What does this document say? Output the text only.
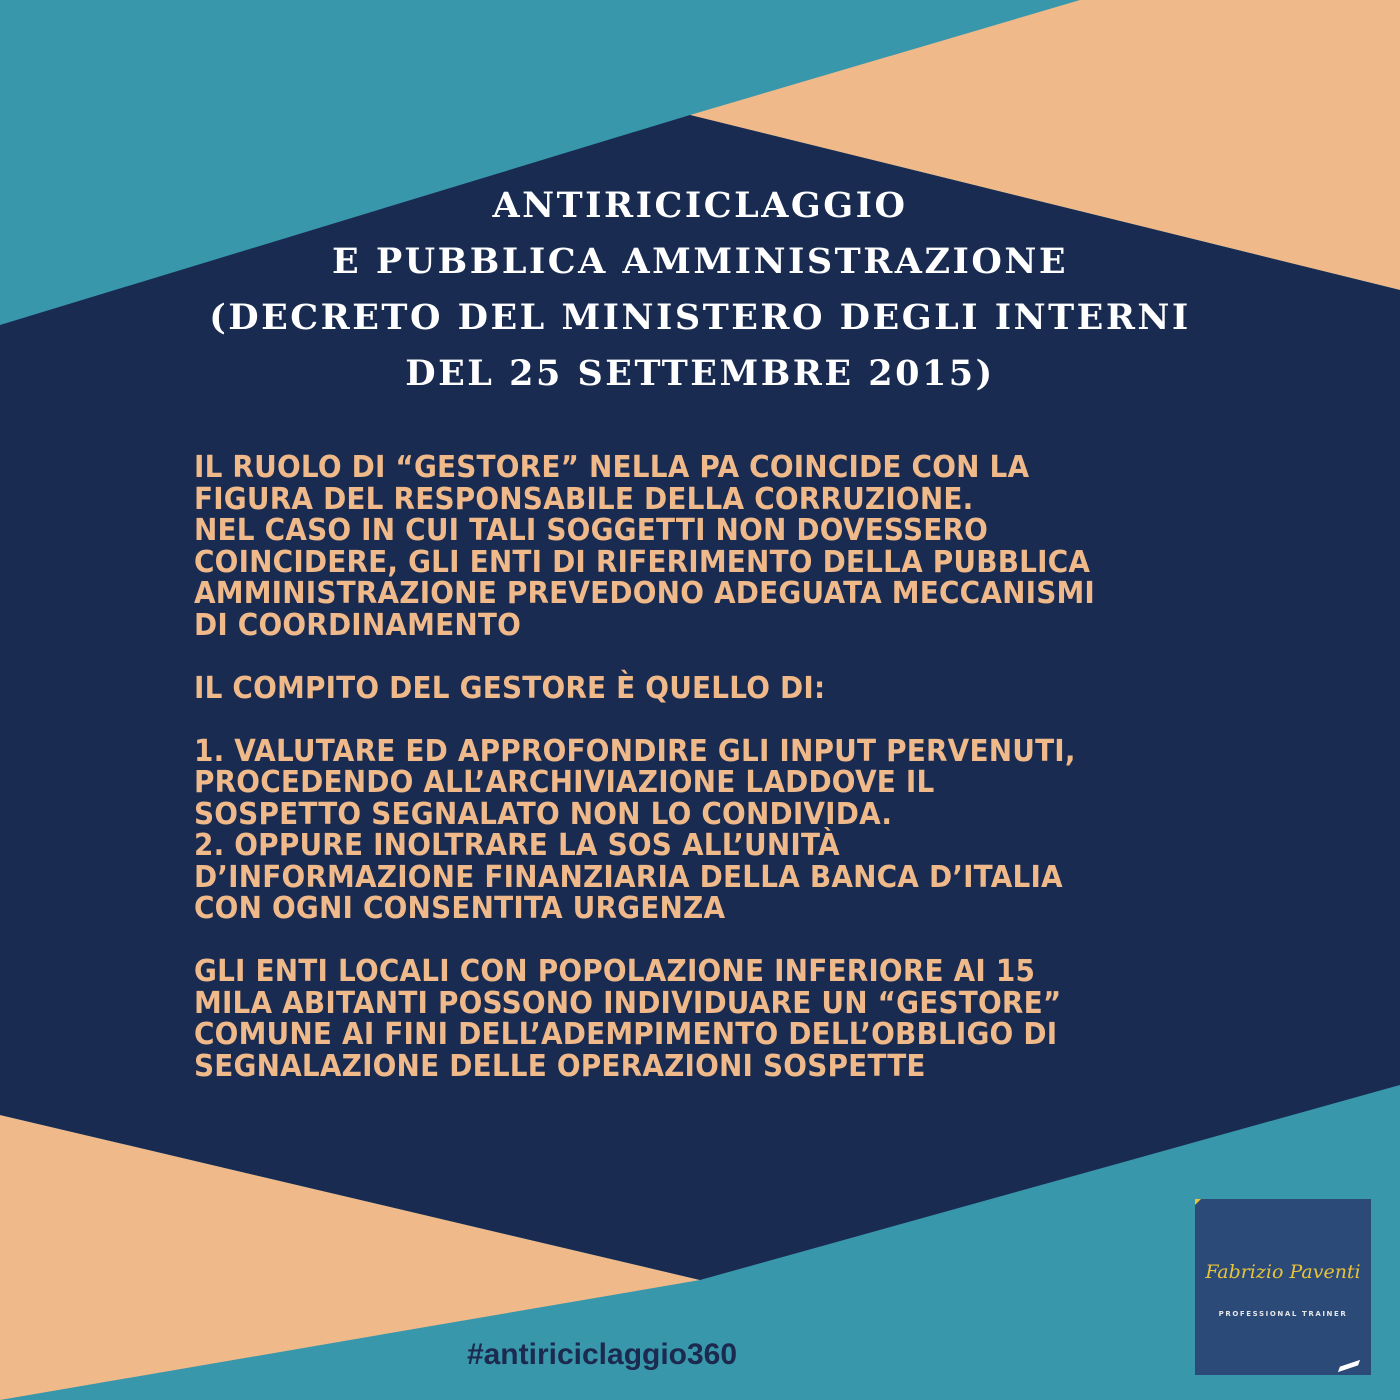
ANTIRICICLAGGIO
E PUBBLICA AMMINISTRAZIONE
(DECRETO DEL MINISTERO DEGLI INTERNI
DEL 25 SETTEMBRE 2015)
IL RUOLO DI “GESTORE” NELLA PA COINCIDE CON LA
FIGURA DEL RESPONSABILE DELLA CORRUZIONE.
NEL CASO IN CUI TALI SOGGETTI NON DOVESSERO
COINCIDERE, GLI ENTI DI RIFERIMENTO DELLA PUBBLICA
AMMINISTRAZIONE PREVEDONO ADEGUATA MECCANISMI
DI COORDINAMENTO
IL COMPITO DEL GESTORE È QUELLO DI:
1. VALUTARE ED APPROFONDIRE GLI INPUT PERVENUTI,
PROCEDENDO ALL’ARCHIVIAZIONE LADDOVE IL
SOSPETTO SEGNALATO NON LO CONDIVIDA.
2. OPPURE INOLTRARE LA SOS ALL’UNITÀ
D’INFORMAZIONE FINANZIARIA DELLA BANCA D’ITALIA
CON OGNI CONSENTITA URGENZA
GLI ENTI LOCALI CON POPOLAZIONE INFERIORE AI 15
MILA ABITANTI POSSONO INDIVIDUARE UN “GESTORE”
COMUNE AI FINI DELL’ADEMPIMENTO DELL’OBBLIGO DI
SEGNALAZIONE DELLE OPERAZIONI SOSPETTE
#antiriciclaggio360
Fabrizio Paventi
PROFESSIONAL TRAINER
